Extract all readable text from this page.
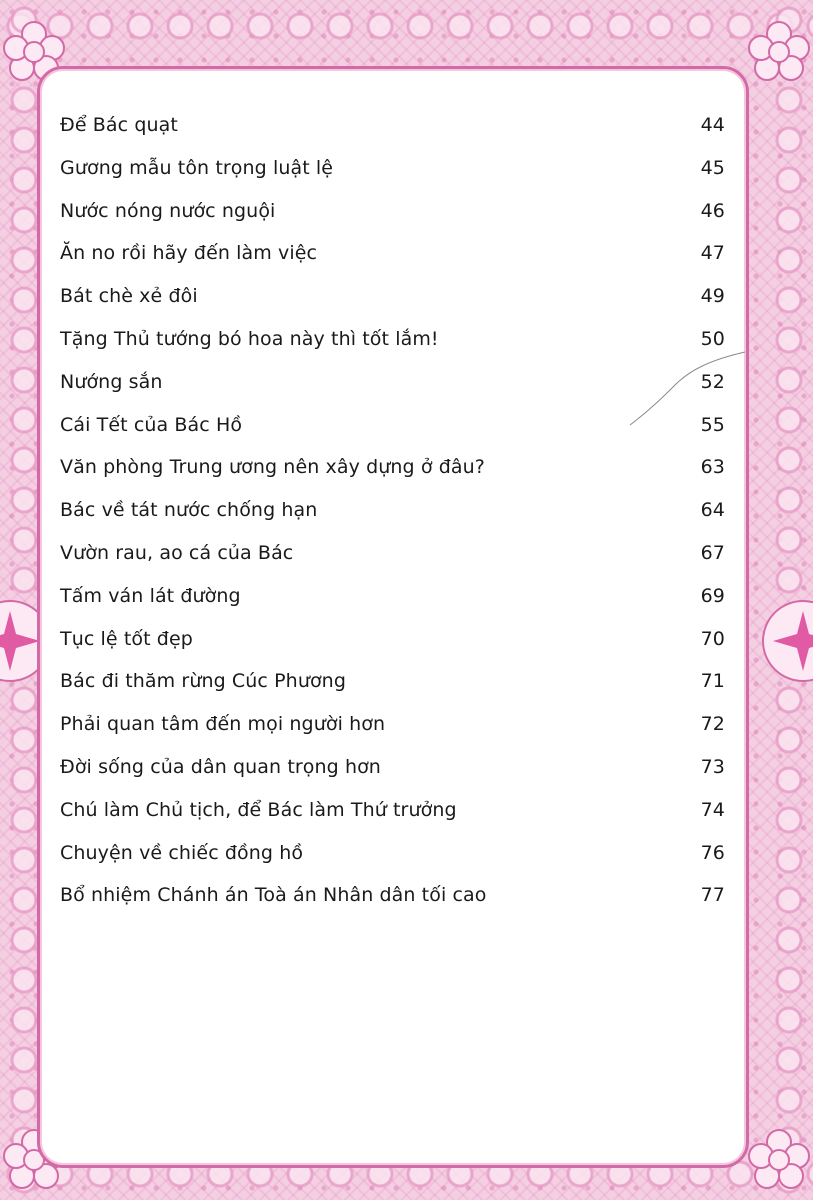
Để Bác quạt	44
Gương mẫu tôn trọng luật lệ	45
Nước nóng nước nguội	46
Ăn no rồi hãy đến làm việc	47
Bát chè xẻ đôi	49
Tặng Thủ tướng bó hoa này thì tốt lắm!	50
Nướng sắn	52
Cái Tết của Bác Hồ	55
Văn phòng Trung ương nên xây dựng ở đâu?	63
Bác về tát nước chống hạn	64
Vườn rau, ao cá của Bác	67
Tấm ván lát đường	69
Tục lệ tốt đẹp	70
Bác đi thăm rừng Cúc Phương	71
Phải quan tâm đến mọi người hơn	72
Đời sống của dân quan trọng hơn	73
Chú làm Chủ tịch, để Bác làm Thứ trưởng	74
Chuyện về chiếc đồng hồ	76
Bổ nhiệm Chánh án Toà án Nhân dân tối cao	77
